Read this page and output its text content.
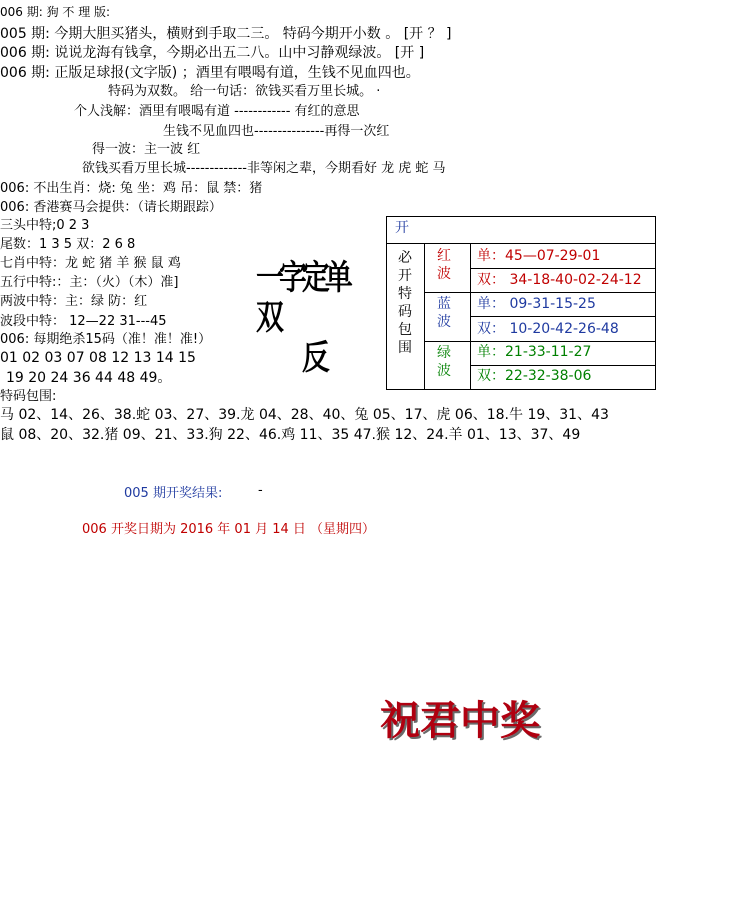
006 期: 狗 不 理 版:
005 期: 今期大胆买猪头，横财到手取二三。 特码今期开小数 。 [开 ？ ]
006 期: 说说龙海有钱拿，今期必出五二八。山中习静观绿波。 [开 ]
006 期: 正版足球报(文字版) ；酒里有喂喝有道，生钱不见血四也。
特码为双数。 给一句话：欲钱买看万里长城。 ·
个人浅解：酒里有喂喝有道 ------------ 有红的意思
生钱不见血四也---------------再得一次红
得一波：主一波 红
欲钱买看万里长城-------------非等闲之辈，今期看好 龙 虎 蛇 马
006: 不出生肖：烧: 兔 坐：鸡 吊：鼠 禁：猪
006: 香港赛马会提供：（请长期跟踪）
三头中特;0 2 3
尾数：1 3 5 双：2 6 8
七肖中特：龙 蛇 猪 羊 猴 鼠 鸡
五行中特:：主：（火）（木）准]
两波中特：主：绿 防：红
波段中特： 12—22 31---45
006: 每期绝杀15码（准！准！准!）
01 02 03 07 08 12 13 14 15
19 20 24 36 44 48 49。
特码包围:
马 02、14、26、38.蛇 03、27、39.龙 04、28、40、兔 05、17、虎 06、18.牛 19、31、43
鼠 08、20、32.猪 09、21、33.狗 22、46.鸡 11、35 47.猴 12、24.羊 01、13、37、49
一字定单双
反
开
必
开
特
码
包
围
红
波
蓝
波
绿
波
单：45—07-29-01
双： 34-18-40-02-24-12
单： 09-31-15-25
双： 10-20-42-26-48
单：21-33-11-27
双：22-32-38-06
005 期开奖结果:	-
006 开奖日期为 2016 年 01 月 14 日 （星期四）
祝君中奖
